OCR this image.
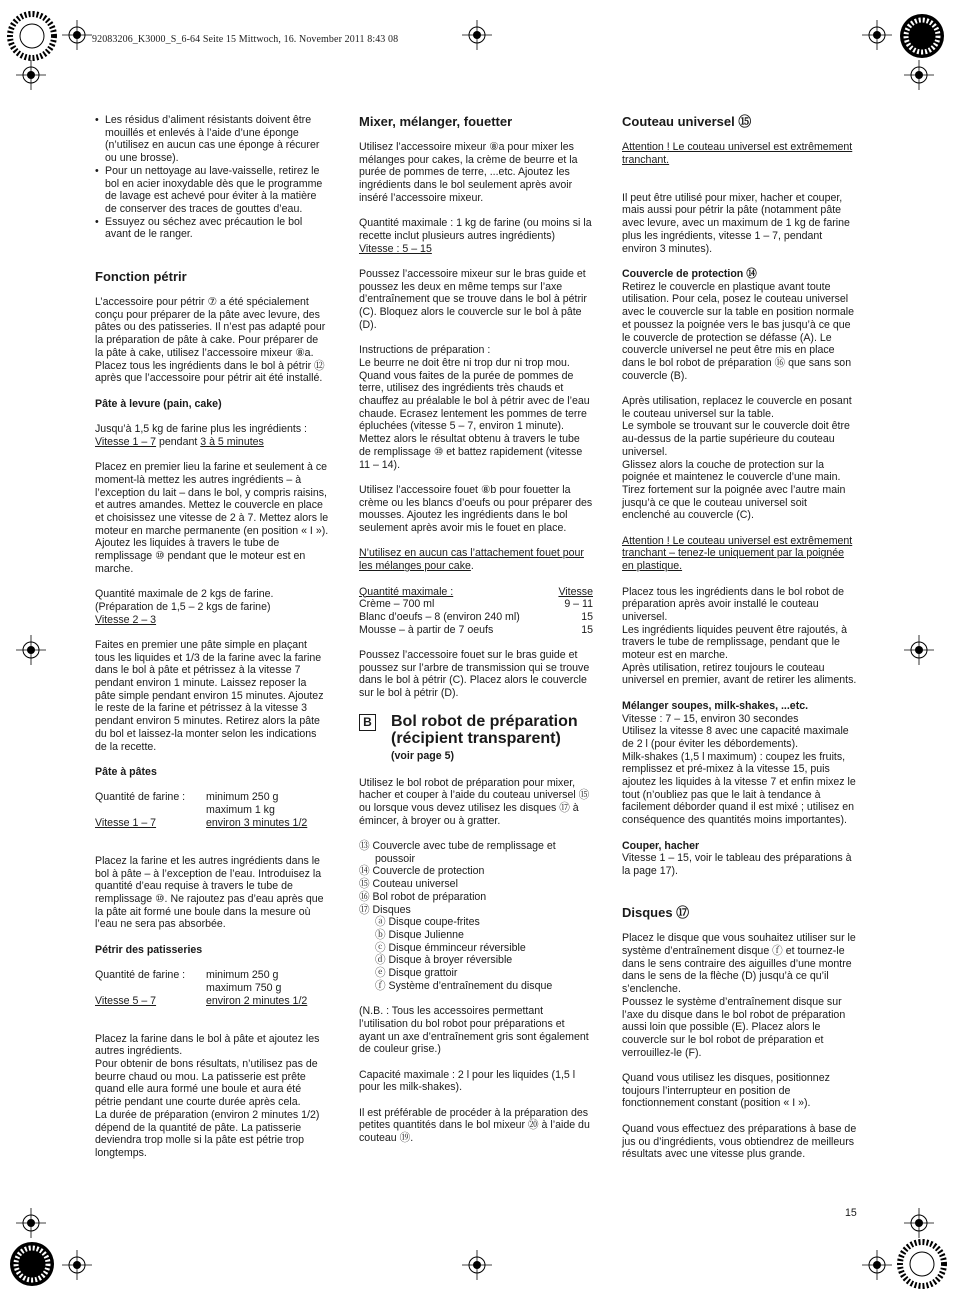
92083206_K3000_S_6-64 Seite 15 Mittwoch, 16. November 2011 8:43 08
• Les résidus d’aliment résistants doivent être mouillés et enlevés à l’aide d’une éponge (n’utilisez en aucun cas une éponge à récurer ou une brosse).
• Pour un nettoyage au lave-vaisselle, retirez le bol en acier inoxydable dès que le programme de lavage est achevé pour éviter à la matière de conserver des traces de gouttes d’eau.
• Essuyez ou séchez avec précaution le bol avant de le ranger.
Fonction pétrir

L’accessoire pour pétrir ⑦ a été spécialement conçu pour préparer de la pâte avec levure, des pâtes ou des patisseries. Il n’est pas adapté pour la préparation de pâte à cake. Pour préparer de la pâte à cake, utilisez l’accessoire mixeur ⑧a.

Placez tous les ingrédients dans le bol à pétrir ⑫ après que l’accessoire pour pétrir ait été installé.

Pâte à levure (pain, cake)

Jusqu’à 1,5 kg de farine plus les ingrédients :

Vitesse 1 – 7 pendant 3 à 5 minutes

Placez en premier lieu la farine et seulement à ce moment-là mettez les autres ingrédients – à l’exception du lait – dans le bol, y compris raisins, et autres amandes. Mettez le couvercle en place et choisissez une vitesse de 2 à 7. Mettez alors le moteur en marche permanente (en position « I »). Ajoutez les liquides à travers le tube de remplissage ⑩ pendant que le moteur est en marche.

Quantité maximale de 2 kgs de farine.

(Préparation de 1,5 – 2 kgs de farine)

Vitesse 2 – 3

Faites en premier une pâte simple en plaçant tous les liquides et 1/3 de la farine avec la farine dans le bol à pâte et pétrissez à la vitesse 7 pendant environ 1 minute. Laissez reposer la pâte simple pendant environ 15 minutes. Ajoutez le reste de la farine et pétrissez à la vitesse 3 pendant environ 5 minutes. Retirez alors la pâte du bol et laissez-la monter selon les indications de la recette.

Pâte à pâtes
Quantité de farine :	minimum 250 g
maximum 1 kg
Vitesse 1 – 7	environ 3 minutes 1/2

Placez la farine et les autres ingrédients dans le bol à pâte – à l’exception de l’eau. Introduisez la quantité d’eau requise à travers le tube de remplissage ⑩. Ne rajoutez pas d’eau après que la pâte ait formé une boule dans la mesure où l’eau ne sera pas absorbée.

Pétrir des patisseries
Quantité de farine :	minimum 250 g
maximum 750 g
Vitesse 5 – 7	environ 2 minutes 1/2

Placez la farine dans le bol à pâte et ajoutez les autres ingrédients.

Pour obtenir de bons résultats, n’utilisez pas de beurre chaud ou mou. La patisserie est prête quand elle aura formé une boule et aura été pétrie pendant une courte durée après cela.

La durée de préparation (environ 2 minutes 1/2) dépend de la quantité de pâte. La patisserie deviendra trop molle si la pâte est pétrie trop longtemps.

Mixer, mélanger, fouetter

Utilisez l’accessoire mixeur ⑧a pour mixer les mélanges pour cakes, la crème de beurre et la purée de pommes de terre, ...etc. Ajoutez les ingrédients dans le bol seulement après avoir inséré l’accessoire mixeur.

Quantité maximale : 1 kg de farine (ou moins si la recette inclut plusieurs autres ingrédients)

Vitesse : 5 – 15

Poussez l’accessoire mixeur sur le bras guide et poussez les deux en même temps sur l’axe d’entraînement que se trouve dans le bol à pétrir (C). Bloquez alors le couvercle sur le bol à pâte (D).

Instructions de préparation :

Le beurre ne doit être ni trop dur ni trop mou. Quand vous faites de la purée de pommes de terre, utilisez des ingrédients très chauds et chauffez au préalable le bol à pétrir avec de l’eau chaude. Ecrasez lentement les pommes de terre épluchées (vitesse 5 – 7, environ 1 minute). Mettez alors le résultat obtenu à travers le tube de remplissage ⑩ et battez rapidement (vitesse 11 – 14).

Utilisez l’accessoire fouet ⑧b pour fouetter la crème ou les blancs d’oeufs ou pour préparer des mousses. Ajoutez les ingrédients dans le bol seulement après avoir mis le fouet en place.

N’utilisez en aucun cas l’attachement fouet pour les mélanges pour cake.

Quantité maximale :	Vitesse
Crème – 700 ml	9 – 11
Blanc d’oeufs – 8 (environ 240 ml)	15
Mousse – à partir de 7 oeufs	15

Poussez l’accessoire fouet sur le bras guide et poussez sur l’arbre de transmission qui se trouve dans le bol à pétrir (C). Placez alors le couvercle sur le bol à pétrir (D).

B Bol robot de préparation (récipient transparent)
(voir page 5)

Utilisez le bol robot de préparation pour mixer, hacher et couper à l’aide du couteau universel ⑮ ou lorsque vous devez utilisez les disques ⑰ à émincer, à broyer ou à gratter.

⑬ Couvercle avec tube de remplissage et poussoir
⑭ Couvercle de protection
⑮ Couteau universel
⑯ Bol robot de préparation
⑰ Disques
ⓐ Disque coupe-frites
ⓑ Disque Julienne
ⓒ Disque émminceur réversible
ⓓ Disque à broyer réversible
ⓔ Disque grattoir
ⓕ Système d’entraînement du disque

(N.B. : Tous les accessoires permettant l’utilisation du bol robot pour préparations et ayant un axe d’entraînement gris sont également de couleur grise.)

Capacité maximale : 2 l pour les liquides (1,5 l pour les milk-shakes).

Il est préférable de procéder à la préparation des petites quantités dans le bol mixeur ⑳ à l’aide du couteau ⑲.

Couteau universel ⑮

Attention ! Le couteau universel est extrêmement tranchant.

Il peut être utilisé pour mixer, hacher et couper, mais aussi pour pétrir la pâte (notamment pâte avec levure, avec un maximum de 1 kg de farine plus les ingrédients, vitesse 1 – 7, pendant environ 3 minutes).

Couvercle de protection ⑭

Retirez le couvercle en plastique avant toute utilisation. Pour cela, posez le couteau universel avec le couvercle sur la table en position normale et poussez la poignée vers le bas jusqu’à ce que le couvercle de protection se défasse (A). Le couvercle universel ne peut être mis en place dans le bol robot de préparation ⑯ que sans son couvercle (B).

Après utilisation, replacez le couvercle en posant le couteau universel sur la table.

Le symbole se trouvant sur le couvercle doit être au-dessus de la partie supérieure du couteau universel.

Glissez alors la couche de protection sur la poignée et maintenez le couvercle d’une main. Tirez fortement sur la poignée avec l’autre main jusqu’à ce que le couteau universel soit enclenché au couvercle (C).

Attention ! Le couteau universel est extrêmement tranchant – tenez-le uniquement par la poignée en plastique.

Placez tous les ingrédients dans le bol robot de préparation après avoir installé le couteau universel.

Les ingrédients liquides peuvent être rajoutés, à travers le tube de remplissage, pendant que le moteur est en marche.

Après utilisation, retirez toujours le couteau universel en premier, avant de retirer les aliments.

Mélanger soupes, milk-shakes, ...etc.

Vitesse : 7 – 15, environ 30 secondes

Utilisez la vitesse 8 avec une capacité maximale de 2 l (pour éviter les débordements).

Milk-shakes (1,5 l maximum) : coupez les fruits, remplissez et pré-mixez à la vitesse 15, puis ajoutez les liquides à la vitesse 7 et enfin mixez le tout (n’oubliez pas que le lait à tendance à facilement déborder quand il est mixé ; utilisez en conséquence des quantités moins importantes).

Couper, hacher

Vitesse 1 – 15, voir le tableau des préparations à la page 17).

Disques ⑰

Placez le disque que vous souhaitez utiliser sur le système d’entraînement disque ⓕ et tournez-le dans le sens contraire des aiguilles d’une montre dans le sens de la flèche (D) jusqu’à ce qu’il s’enclenche.

Poussez le système d’entraînement disque sur l’axe du disque dans le bol robot de préparation aussi loin que possible (E). Placez alors le couvercle sur le bol robot de préparation et verrouillez-le (F).

Quand vous utilisez les disques, positionnez toujours l’interrupteur en position de fonctionnement constant (position « I »).

Quand vous effectuez des préparations à base de jus ou d’ingrédients, vous obtiendrez de meilleurs résultats avec une vitesse plus grande.

15
